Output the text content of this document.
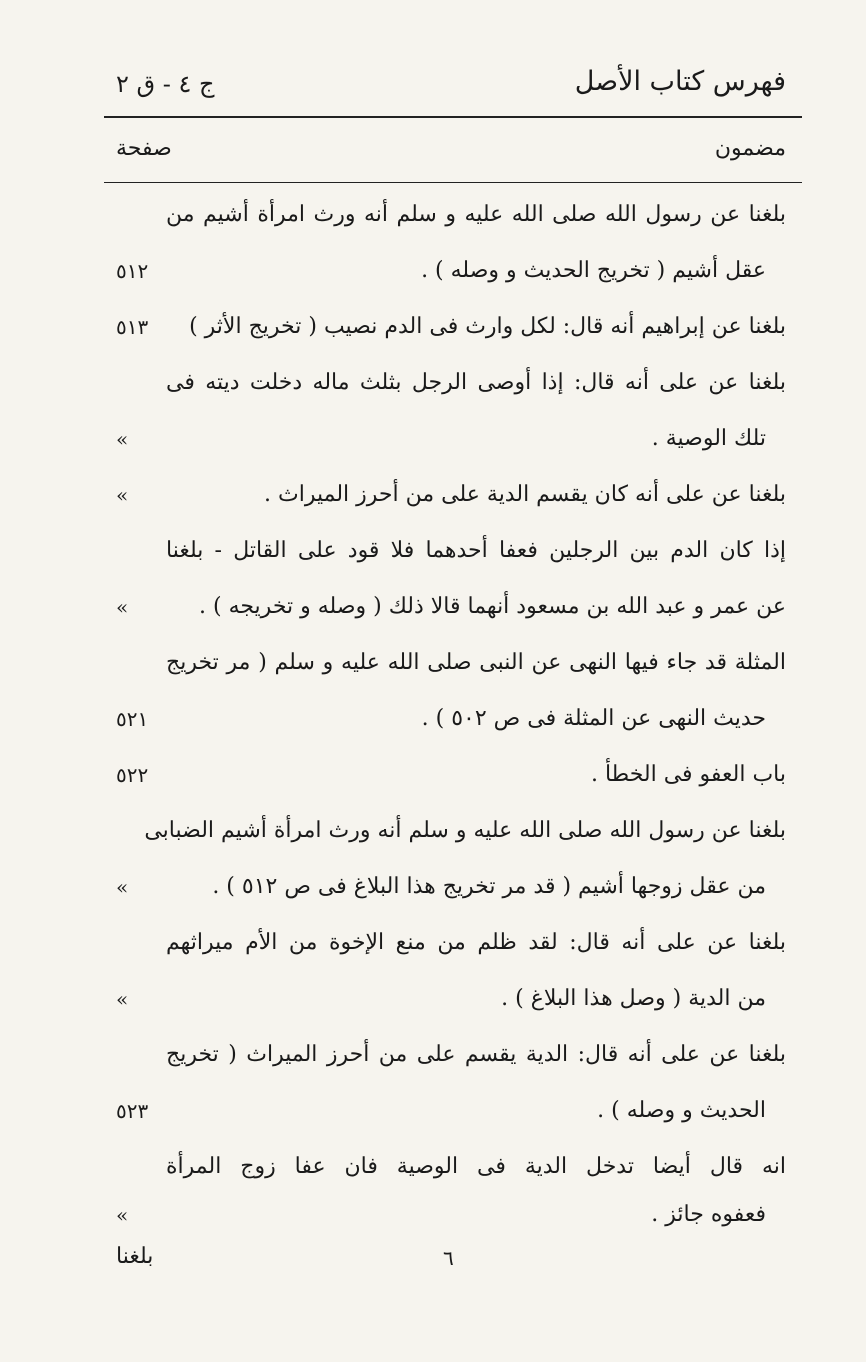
فهرس كتاب الأصل
ج ٤ - ق ٢
مضمون
صفحة
بلغنا عن رسول الله صلى الله عليه و سلم أنه ورث امرأة أشيم من
عقل أشيم ( تخريج الحديث و وصله ) .
٥١٢
بلغنا عن إبراهيم أنه قال: لكل وارث فى الدم نصيب ( تخريج الأثر )
٥١٣
بلغنا عن على أنه قال: إذا أوصى الرجل بثلث ماله دخلت ديته فى
تلك الوصية .
»
بلغنا عن على أنه كان يقسم الدية على من أحرز الميراث .
»
إذا كان الدم بين الرجلين فعفا أحدهما فلا قود على القاتل - بلغنا
عن عمر و عبد الله بن مسعود أنهما قالا ذلك ( وصله و تخريجه ) .
»
المثلة قد جاء فيها النهى عن النبى صلى الله عليه و سلم ( مر تخريج
حديث النهى عن المثلة فى ص ٥٠٢ ) .
٥٢١
باب العفو فى الخطأ .
٥٢٢
بلغنا عن رسول الله صلى الله عليه و سلم أنه ورث امرأة أشيم الضبابى
من عقل زوجها أشيم ( قد مر تخريج هذا البلاغ فى ص ٥١٢ ) .
»
بلغنا عن على أنه قال: لقد ظلم من منع الإخوة من الأم ميراثهم
من الدية ( وصل هذا البلاغ ) .
»
بلغنا عن على أنه قال: الدية يقسم على من أحرز الميراث ( تخريج
الحديث و وصله ) .
٥٢٣
انه قال أيضا تدخل الدية فى الوصية فان عفا زوج المرأة
فعفوه جائز .
»
٦
بلغنا
